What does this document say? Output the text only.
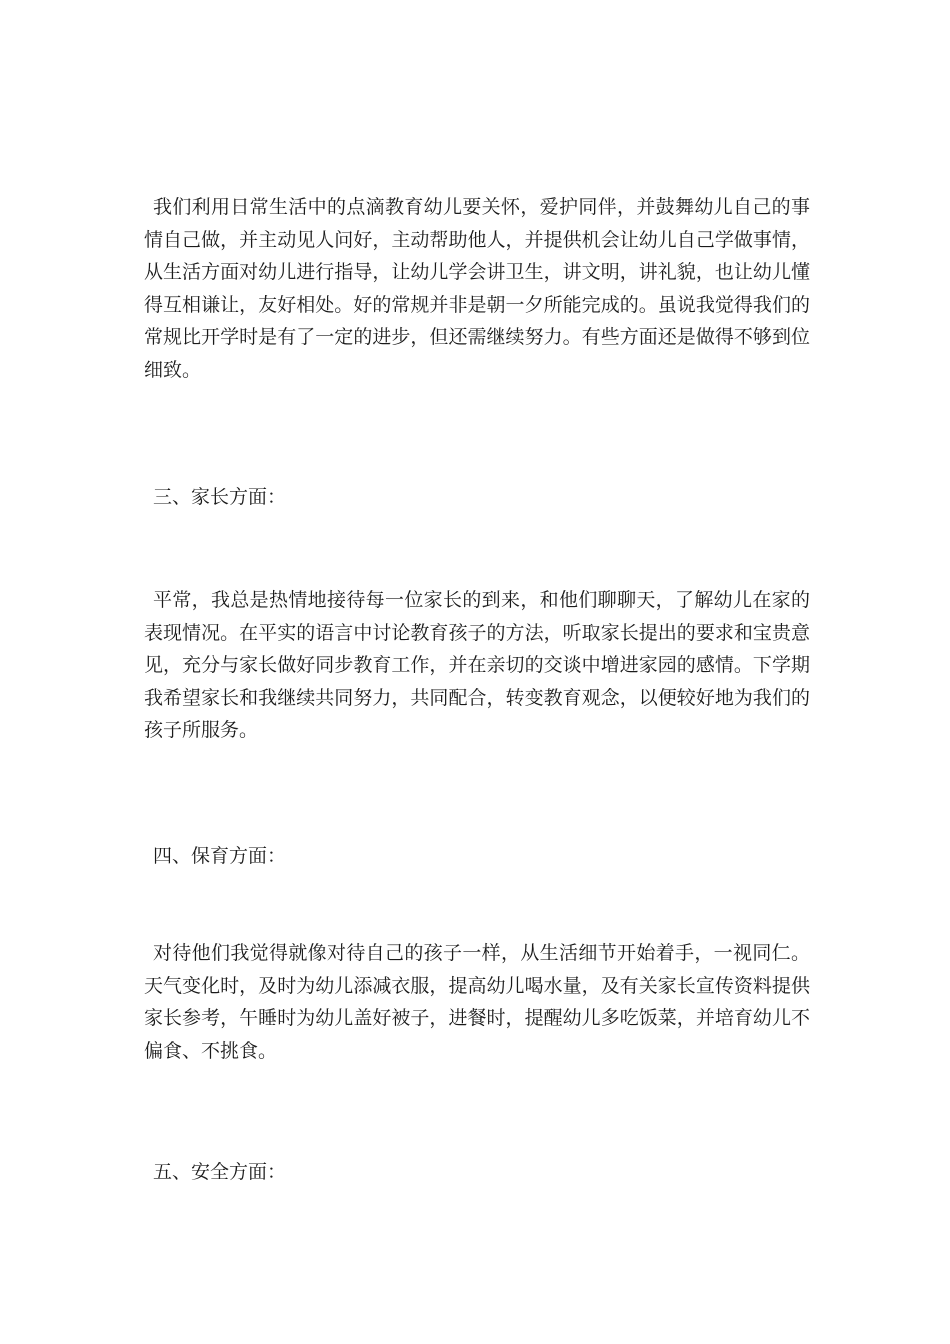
我们利用日常生活中的点滴教育幼儿要关怀，爱护同伴，并鼓舞幼儿自己的事情自己做，并主动见人问好，主动帮助他人，并提供机会让幼儿自己学做事情，从生活方面对幼儿进行指导，让幼儿学会讲卫生，讲文明，讲礼貌，也让幼儿懂得互相谦让，友好相处。好的常规并非是朝一夕所能完成的。虽说我觉得我们的常规比开学时是有了一定的进步，但还需继续努力。有些方面还是做得不够到位细致。

三、家长方面：

平常，我总是热情地接待每一位家长的到来，和他们聊聊天，了解幼儿在家的表现情况。在平实的语言中讨论教育孩子的方法，听取家长提出的要求和宝贵意见，充分与家长做好同步教育工作，并在亲切的交谈中增进家园的感情。下学期我希望家长和我继续共同努力，共同配合，转变教育观念，以便较好地为我们的孩子所服务。

四、保育方面：

对待他们我觉得就像对待自己的孩子一样，从生活细节开始着手，一视同仁。天气变化时，及时为幼儿添减衣服，提高幼儿喝水量，及有关家长宣传资料提供家长参考，午睡时为幼儿盖好被子，进餐时，提醒幼儿多吃饭菜，并培育幼儿不偏食、不挑食。

五、安全方面：
